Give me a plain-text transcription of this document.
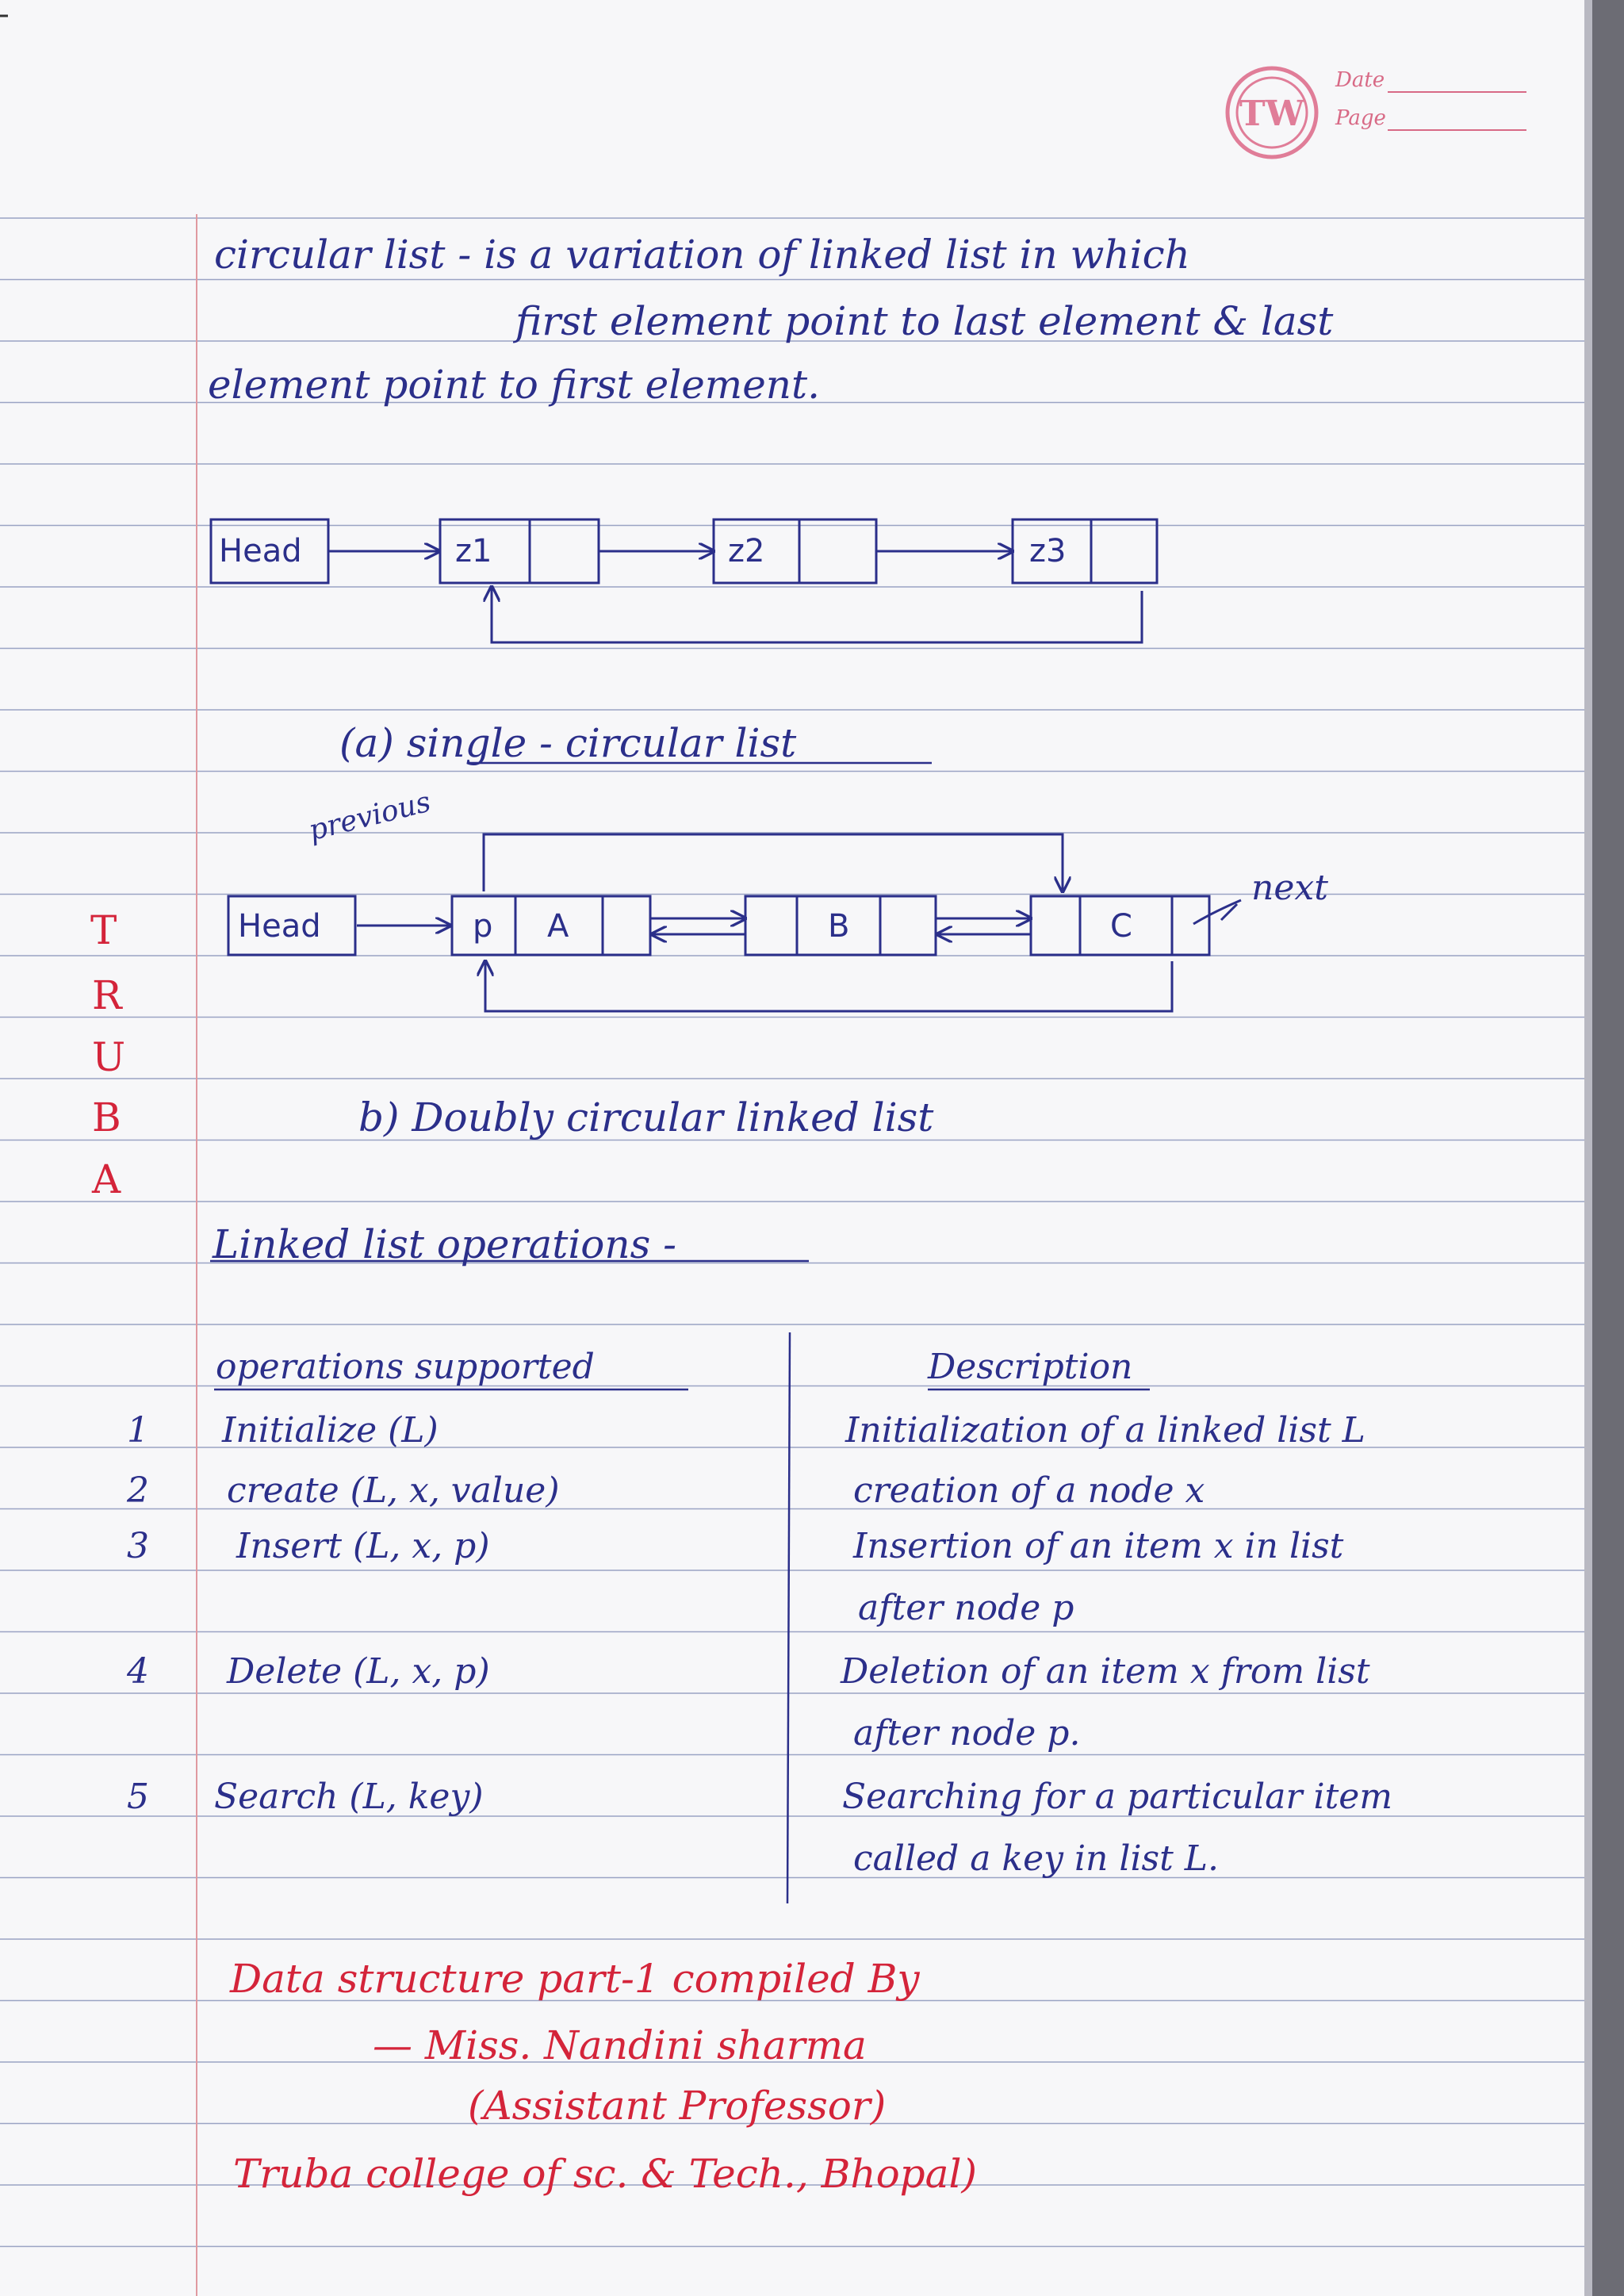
TW
Date
Page
T
R
U
B
A
circular list - is a variation of linked list in which
first element point to last element & last
element point to first element.
Head	z1	z2	z3
(a) single - circular list
previous
next
Head	p A	B	C
b) Doubly circular linked list
Linked list operations -
operations supported	Description
1 Initialize (L)	Initialization of a linked list L
2 create (L, x, value)	creation of a node x
3	Insert (L, x, p)	Insertion of an item x in list
after node p
4 Delete (L, x, p)	Deletion of an item x from list
after node p.
5 Search (L, key)	Searching for a particular item
called a key in list L.
Data structure part-1 compiled By
— Miss. Nandini sharma
(Assistant Professor)
Truba college of sc. & Tech., Bhopal)
